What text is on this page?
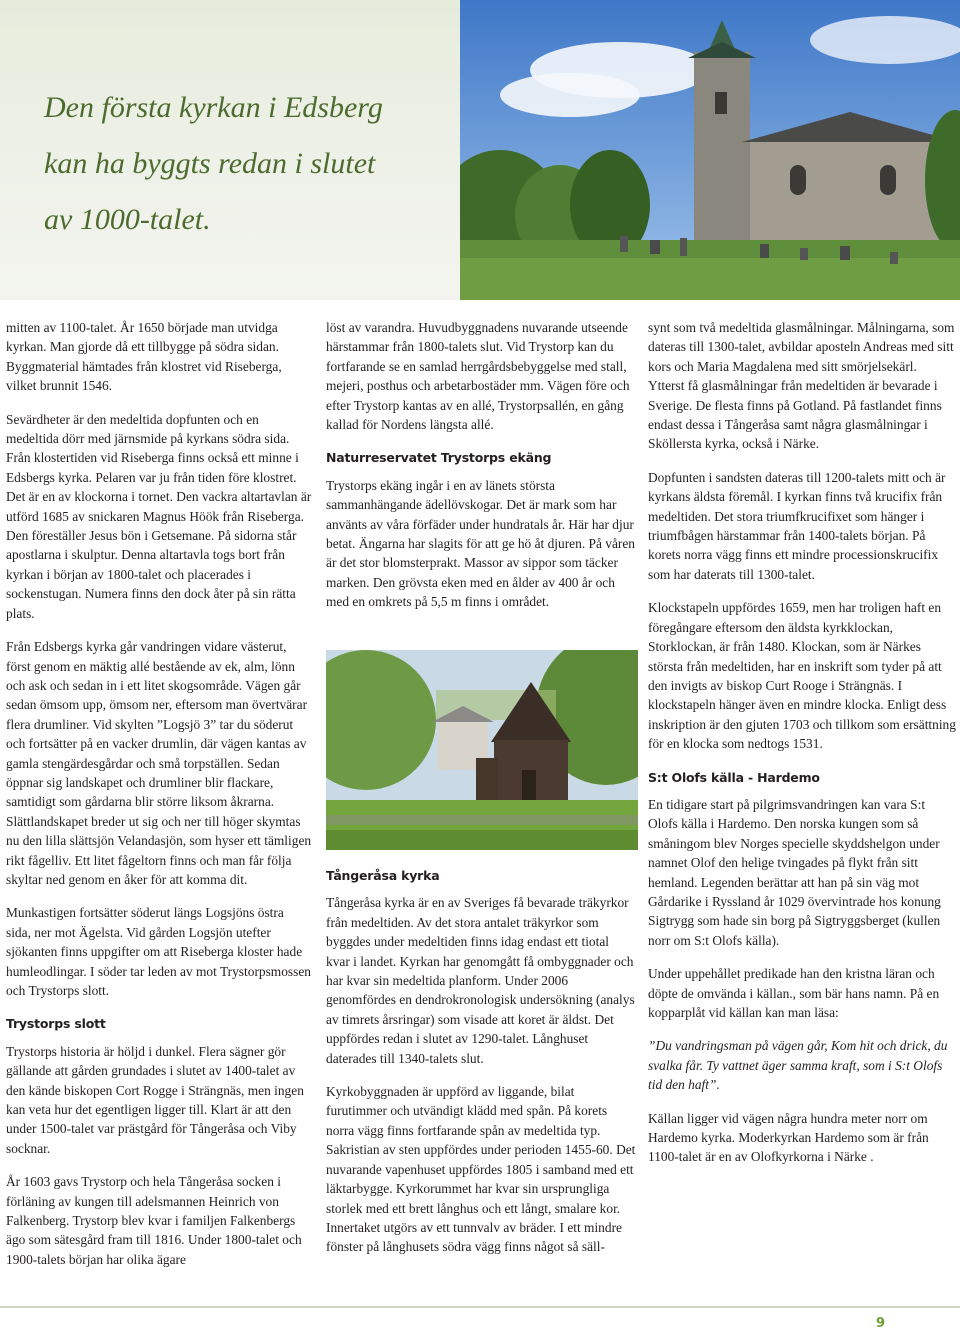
Den första kyrkan i Edsberg
kan ha byggts redan i slutet
av 1000-talet.

mitten av 1100-talet. År 1650 började man utvidga kyrkan. Man gjorde då ett tillbygge på södra sidan. Byggmaterial hämtades från klostret vid Riseberga, vilket brunnit 1546.

Sevärdheter är den medeltida dopfunten och en medeltida dörr med järnsmide på kyrkans södra sida. Från klostertiden vid Riseberga finns också ett minne i Edsbergs kyrka. Pelaren var ju från tiden före klostret. Det är en av klockorna i tornet. Den vackra altartavlan är utförd 1685 av snickaren Magnus Höök från Riseberga. Den föreställer Jesus bön i Getsemane. På sidorna står apostlarna i skulptur. Denna altartavla togs bort från kyrkan i början av 1800-talet och placerades i sockenstugan. Numera finns den dock åter på sin rätta plats.

Från Edsbergs kyrka går vandringen vidare västerut, först genom en mäktig allé bestående av ek, alm, lönn och ask och sedan in i ett litet skogsområde. Vägen går sedan ömsom upp, ömsom ner, eftersom man övertvärar flera drumliner. Vid skylten ”Logsjö 3” tar du söderut och fortsätter på en vacker drumlin, där vägen kantas av gamla stengärdesgårdar och små torpställen. Sedan öppnar sig landskapet och drumliner blir flackare, samtidigt som gårdarna blir större liksom åkrarna. Slättlandskapet breder ut sig och ner till höger skymtas nu den lilla slättsjön Velandasjön, som hyser ett tämligen rikt fågelliv. Ett litet fågeltorn finns och man får följa skyltar ned genom en åker för att komma dit.

Munkastigen fortsätter söderut längs Logsjöns östra sida, ner mot Ägelsta. Vid gården Logsjön utefter sjökanten finns uppgifter om att Riseberga kloster hade humleodlingar. I söder tar leden av mot Trystorpsmossen och Trystorps slott.

Trystorps slott

Trystorps historia är höljd i dunkel. Flera sägner gör gällande att gården grundades i slutet av 1400-talet av den kände biskopen Cort Rogge i Strängnäs, men ingen kan veta hur det egentligen ligger till. Klart är att den under 1500-talet var prästgård för Tångeråsa och Viby socknar.

År 1603 gavs Trystorp och hela Tångeråsa socken i förläning av kungen till adelsmannen Heinrich von Falkenberg. Trystorp blev kvar i familjen Falkenbergs ägo som sätesgård fram till 1816. Under 1800-talet och 1900-talets början har olika ägare

löst av varandra. Huvudbyggnadens nuvarande utseende härstammar från 1800-talets slut. Vid Trystorp kan du fortfarande se en samlad herrgårdsbebyggelse med stall, mejeri, posthus och arbetarbostäder mm. Vägen före och efter Trystorp kantas av en allé, Trystorpsallén, en gång kallad för Nordens längsta allé.

Naturreservatet Trystorps ekäng

Trystorps ekäng ingår i en av länets största sammanhängande ädellövskogar. Det är mark som har använts av våra förfäder under hundratals år. Här har djur betat. Ängarna har slagits för att ge hö åt djuren. På våren är det stor blomsterprakt. Massor av sippor som täcker marken. Den grövsta eken med en ålder av 400 år och med en omkrets på 5,5 m finns i området.

Tångeråsa kyrka

Tångeråsa kyrka är en av Sveriges få bevarade träkyrkor från medeltiden. Av det stora antalet träkyrkor som byggdes under medeltiden finns idag endast ett tiotal kvar i landet. Kyrkan har genomgått få ombyggnader och har kvar sin medeltida planform. Under 2006 genomfördes en dendrokronologisk undersökning (analys av timrets årsringar) som visade att koret är äldst. Det uppfördes redan i slutet av 1290-talet. Långhuset daterades till 1340-talets slut.

Kyrkobyggnaden är uppförd av liggande, bilat furutimmer och utvändigt klädd med spån. På korets norra vägg finns fortfarande spån av medeltida typ. Sakristian av sten uppfördes under perioden 1455-60. Det nuvarande vapenhuset uppfördes 1805 i samband med ett läktarbygge. Kyrkorummet har kvar sin ursprungliga storlek med ett brett långhus och ett långt, smalare kor. Innertaket utgörs av ett tunnvalv av bräder. I ett mindre fönster på långhusets södra vägg finns något så säll-

synt som två medeltida glasmålningar. Målningarna, som dateras till 1300-talet, avbildar aposteln Andreas med sitt kors och Maria Magdalena med sitt smörjelsekärl. Ytterst få glasmålningar från medeltiden är bevarade i Sverige. De flesta finns på Gotland. På fastlandet finns endast dessa i Tångeråsa samt några glasmålningar i Sköllersta kyrka, också i Närke.

Dopfunten i sandsten dateras till 1200-talets mitt och är kyrkans äldsta föremål. I kyrkan finns två krucifix från medeltiden. Det stora triumfkrucifixet som hänger i triumfbågen härstammar från 1400-talets början. På korets norra vägg finns ett mindre processionskrucifix som har daterats till 1300-talet.

Klockstapeln uppfördes 1659, men har troligen haft en föregångare eftersom den äldsta kyrkklockan, Storklockan, är från 1480. Klockan, som är Närkes största från medeltiden, har en inskrift som tyder på att den invigts av biskop Curt Rooge i Strängnäs. I klockstapeln hänger även en mindre klocka. Enligt dess inskription är den gjuten 1703 och tillkom som ersättning för en klocka som nedtogs 1531.

S:t Olofs källa - Hardemo

En tidigare start på pilgrimsvandringen kan vara S:t Olofs källa i Hardemo. Den norska kungen som så småningom blev Norges specielle skyddshelgon under namnet Olof den helige tvingades på flykt från sitt hemland. Legenden berättar att han på sin väg mot Gårdarike i Ryssland år 1029 övervintrade hos konung Sigtrygg som hade sin borg på Sigtryggsberget (kullen norr om S:t Olofs källa).

Under uppehållet predikade han den kristna läran och döpte de omvända i källan., som bär hans namn. På en kopparplåt vid källan kan man läsa:

”Du vandringsman på vägen går, Kom hit och drick, du svalka får. Ty vattnet äger samma kraft, som i S:t Olofs tid den haft”.

Källan ligger vid vägen några hundra meter norr om Hardemo kyrka. Moderkyrkan Hardemo som är från 1100-talet är en av Olofkyrkorna i Närke .

9
